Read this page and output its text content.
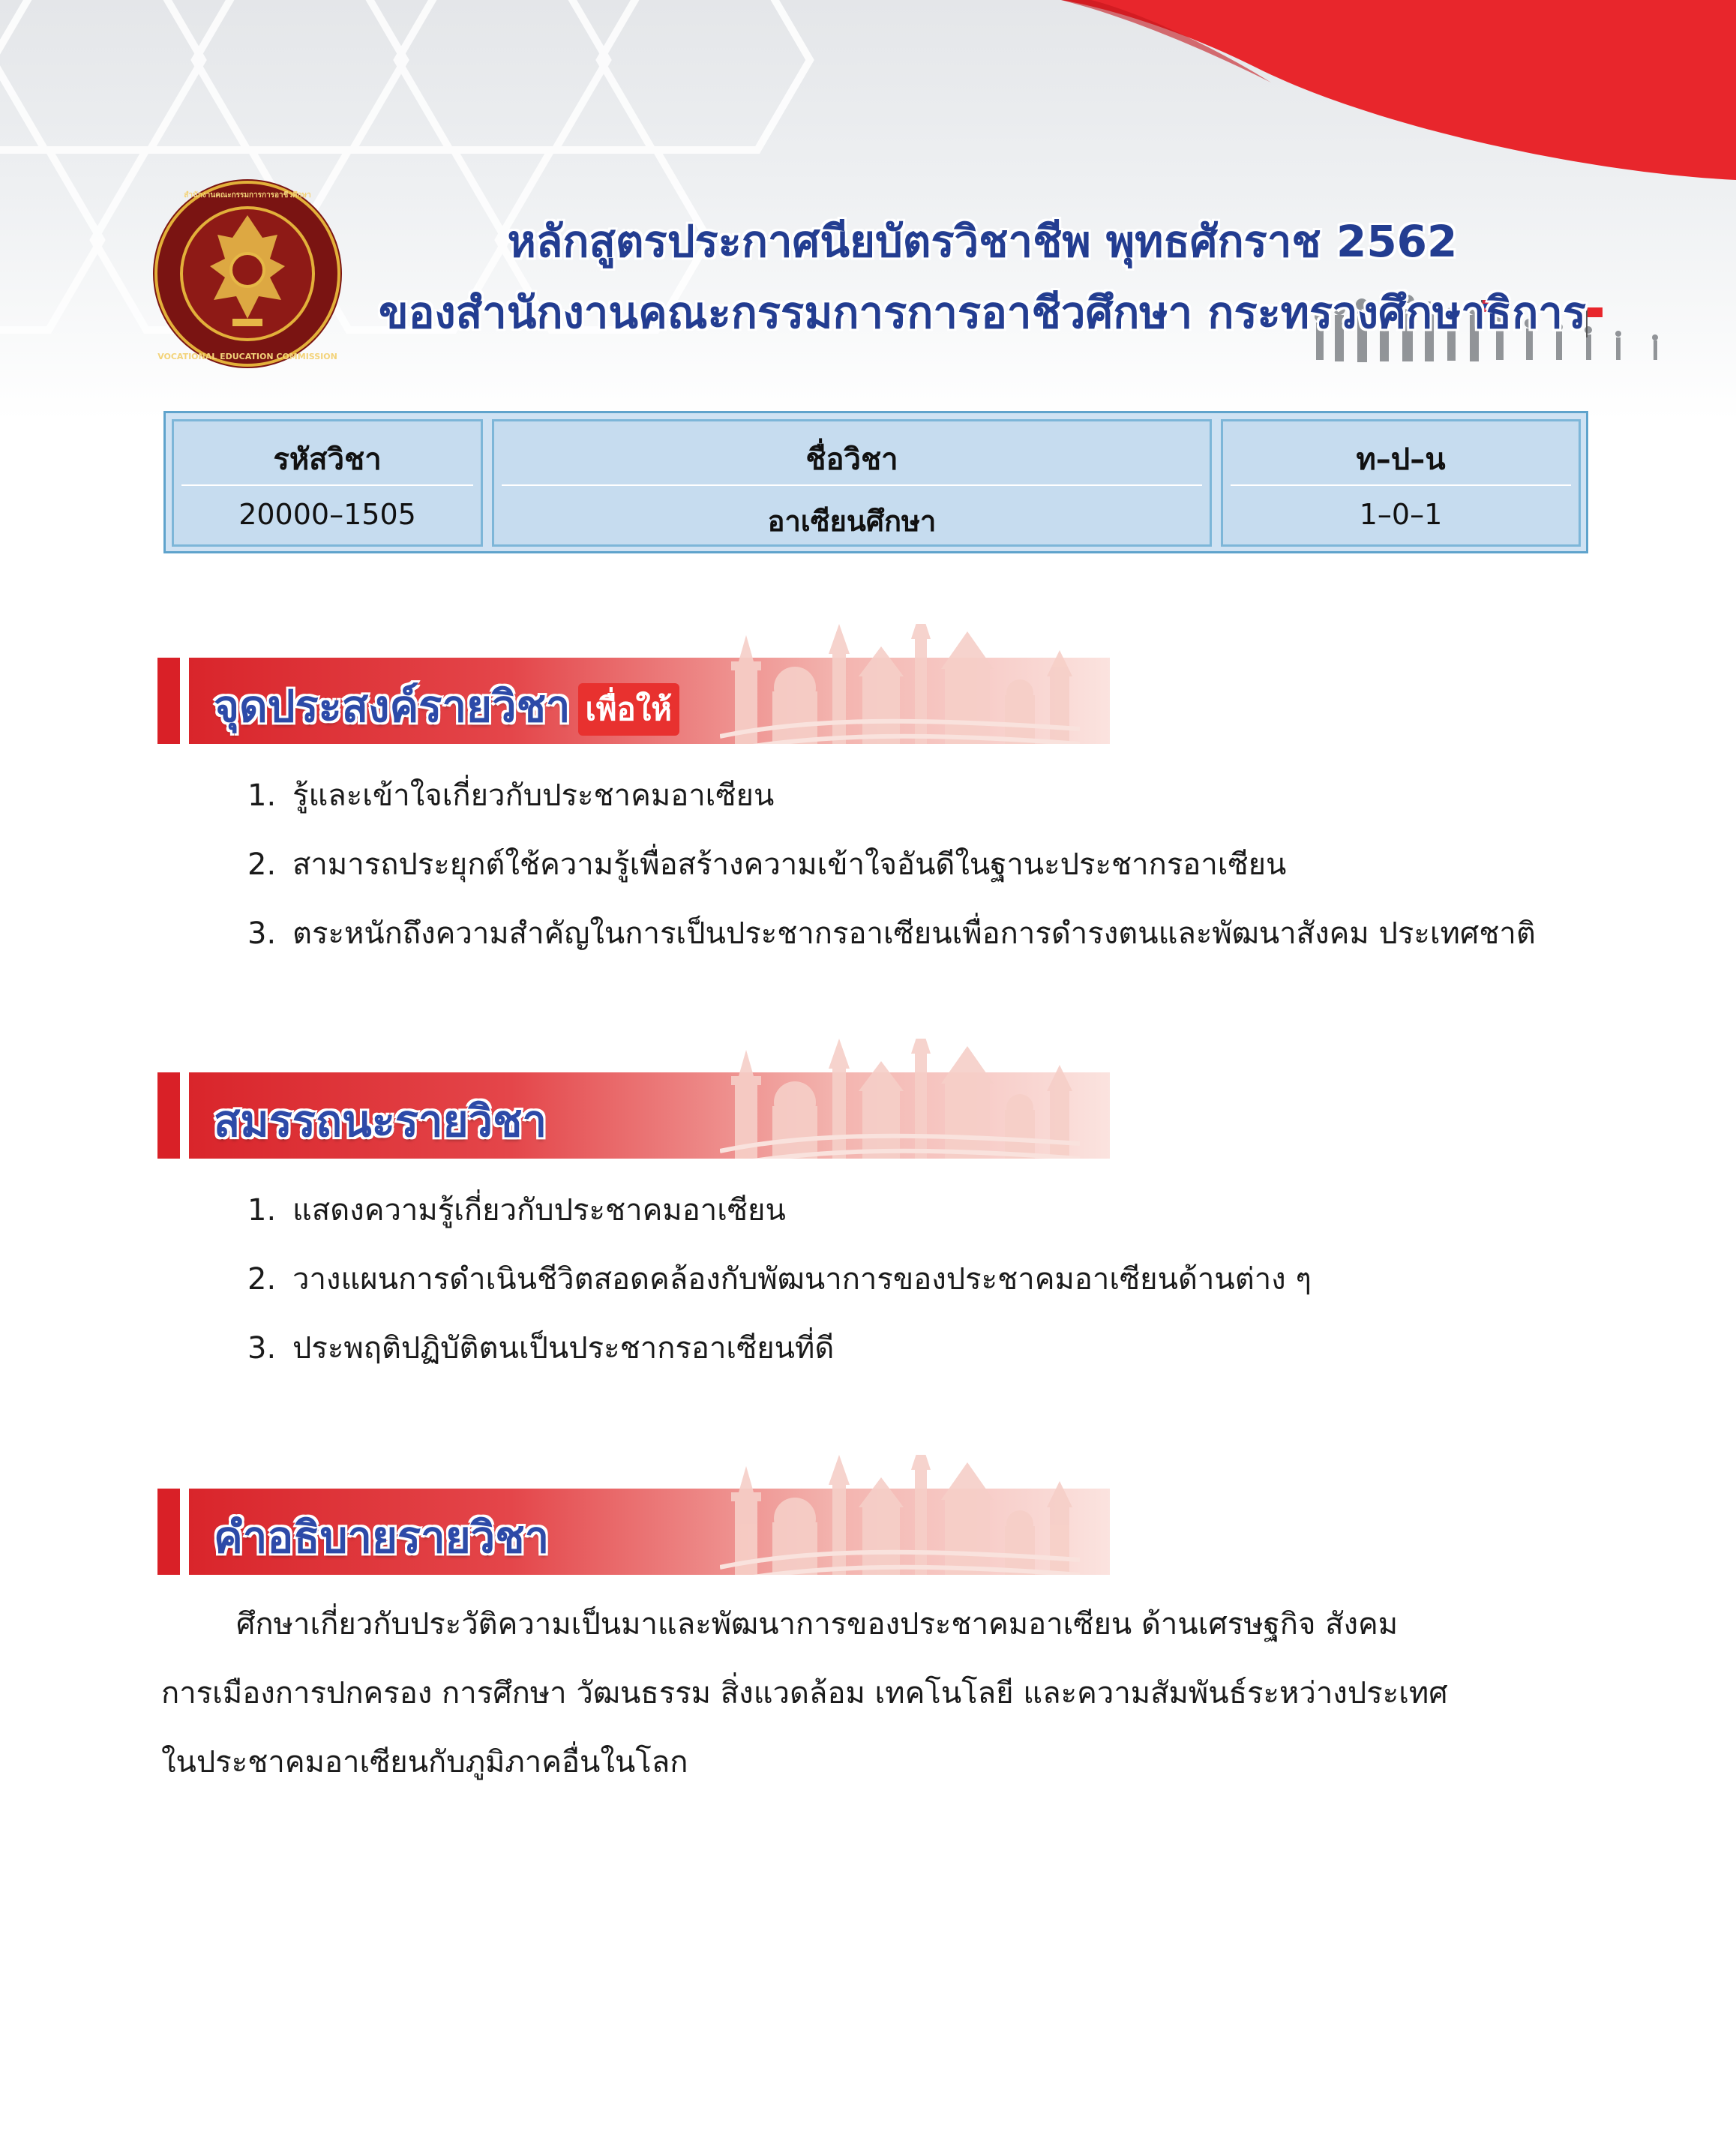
สำนักงานคณะกรรมการการอาชีวศึกษา
VOCATIONAL EDUCATION COMMISSION
หลักสูตรประกาศนียบัตรวิชาชีพ พุทธศักราช 2562
ของสำนักงานคณะกรรมการการอาชีวศึกษา กระทรวงศึกษาธิการ
รหัสวิชา
20000–1505
ชื่อวิชา
อาเซียนศึกษา
ท–ป–น
1–0–1
จุดประสงค์รายวิชา เพื่อให้
1. รู้และเข้าใจเกี่ยวกับประชาคมอาเซียน
2. สามารถประยุกต์ใช้ความรู้เพื่อสร้างความเข้าใจอันดีในฐานะประชากรอาเซียน
3. ตระหนักถึงความสำคัญในการเป็นประชากรอาเซียนเพื่อการดำรงตนและพัฒนาสังคม ประเทศชาติ
สมรรถนะรายวิชา
1. แสดงความรู้เกี่ยวกับประชาคมอาเซียน
2. วางแผนการดำเนินชีวิตสอดคล้องกับพัฒนาการของประชาคมอาเซียนด้านต่าง ๆ
3. ประพฤติปฏิบัติตนเป็นประชากรอาเซียนที่ดี
คำอธิบายรายวิชา

ศึกษาเกี่ยวกับประวัติความเป็นมาและพัฒนาการของประชาคมอาเซียน ด้านเศรษฐกิจ สังคม
การเมืองการปกครอง การศึกษา วัฒนธรรม สิ่งแวดล้อม เทคโนโลยี และความสัมพันธ์ระหว่างประเทศ
ในประชาคมอาเซียนกับภูมิภาคอื่นในโลก
